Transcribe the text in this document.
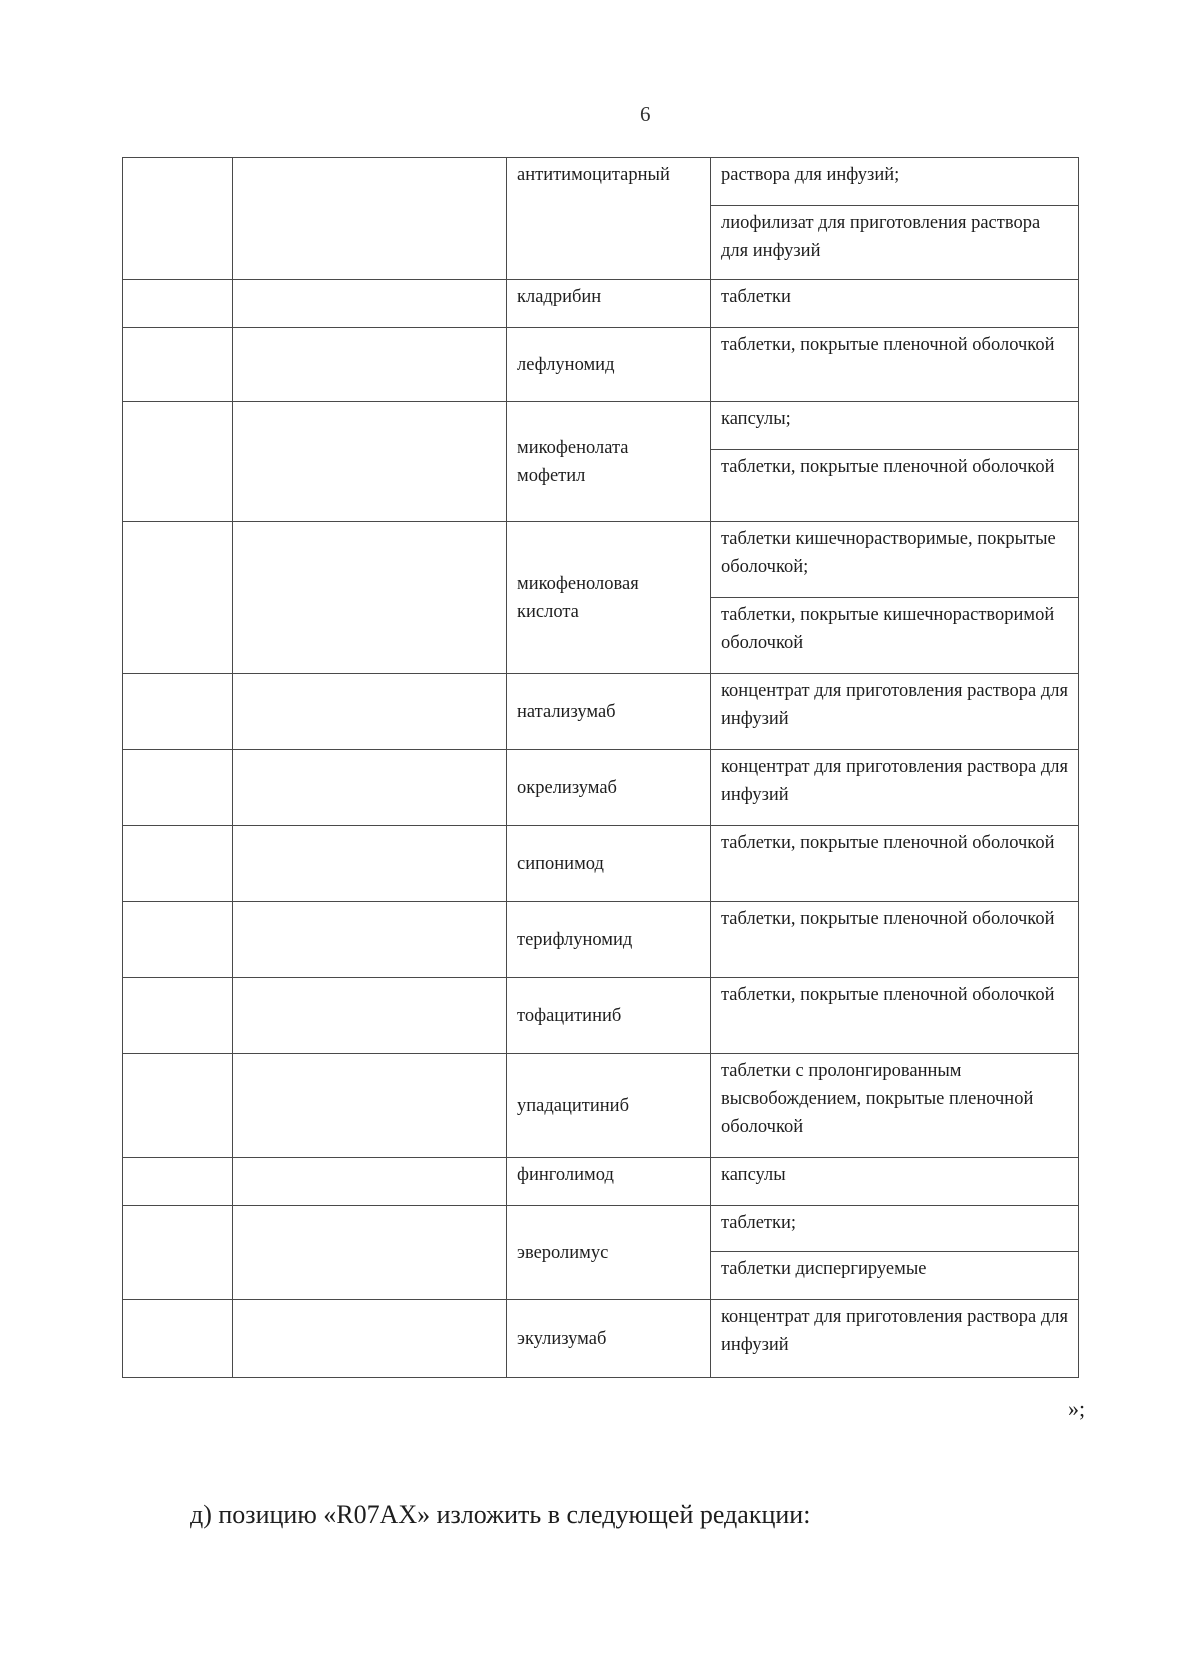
6
		антитимоцитарный	раствора для инфузий;
			лиофилизат для приготовления раствора для инфузий
		кладрибин	таблетки
		лефлуномид	таблетки, покрытые пленочной оболочкой
		микофенолата мофетил	капсулы;
			таблетки, покрытые пленочной оболочкой
		микофеноловая кислота	таблетки кишечнорастворимые, покрытые оболочкой;
			таблетки, покрытые кишечнорастворимой оболочкой
		натализумаб	концентрат для приготовления раствора для инфузий
		окрелизумаб	концентрат для приготовления раствора для инфузий
		сипонимод	таблетки, покрытые пленочной оболочкой
		терифлуномид	таблетки, покрытые пленочной оболочкой
		тофацитиниб	таблетки, покрытые пленочной оболочкой
		упадацитиниб	таблетки с пролонгированным высвобождением, покрытые пленочной оболочкой
		финголимод	капсулы
		эверолимус	таблетки;
			таблетки диспергируемые
		экулизумаб	концентрат для приготовления раствора для инфузий
»;
д) позицию «R07AX» изложить в следующей редакции:
